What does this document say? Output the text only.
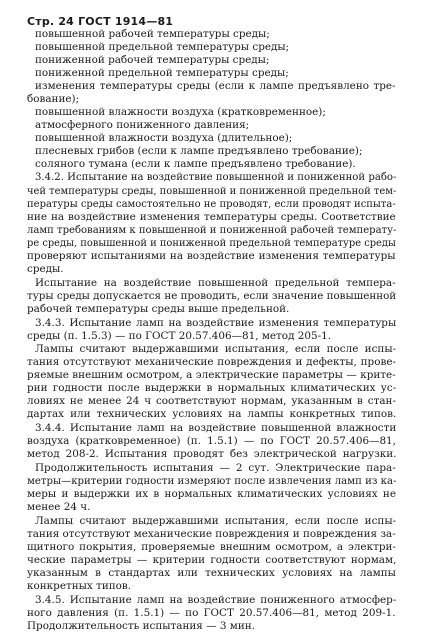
Стр. 24 ГОСТ 1914—81
повышенной рабочей температуры среды;
повышенной предельной температуры среды;
пониженной рабочей температуры среды;
пониженной предельной температуры среды;
изменения температуры среды (если к лампе предъявлено тре-
бование);
повышенной влажности воздуха (кратковременное);
атмосферного пониженного давления;
повышенной влажности воздуха (длительное);
плесневых грибов (если к лампе предъявлено требование);
соляного тумана (если к лампе предъявлено требование).
3.4.2. Испытание на воздействие повышенной и пониженной рабо-
чей температуры среды, повышенной и пониженной предельной тем-
пературы среды самостоятельно не проводят, если проводят испыта-
ние на воздействие изменения температуры среды. Соответствие
ламп требованиям к повышенной и пониженной рабочей температу-
ре среды, повышенной и пониженной предельной температуре среды
проверяют испытаниями на воздействие изменения температуры
среды.
Испытание на воздействие повышенной предельной темпера-
туры среды допускается не проводить, если значение повышенной
рабочей температуры среды выше предельной.
3.4.3. Испытание ламп на воздействие изменения температуры
среды (п. 1.5.3) — по ГОСТ 20.57.406—81, метод 205-1.
Лампы считают выдержавшими испытания, если после испы-
тания отсутствуют механические повреждения и дефекты, прове-
ряемые внешним осмотром, а электрические параметры — крите-
рии годности после выдержки в нормальных климатических ус-
ловиях не менее 24 ч соответствуют нормам, указанным в стан-
дартах или технических условиях на лампы конкретных типов.
3.4.4. Испытание ламп на воздействие повышенной влажности
воздуха (кратковременное) (п. 1.5.1) — по ГОСТ 20.57.406—81,
метод 208-2. Испытания проводят без электрической нагрузки.
Продолжительность испытания — 2 сут. Электрические пара-
метры—критерии годности измеряют после извлечения ламп из ка-
меры и выдержки их в нормальных климатических условиях не
менее 24 ч.
Лампы считают выдержавшими испытания, если после испы-
тания отсутствуют механические повреждения и повреждения за-
щитного покрытия, проверяемые внешним осмотром, а электри-
ческие параметры — критерии годности соответствуют нормам,
указанным в стандартах или технических условиях на лампы
конкретных типов.
3.4.5. Испытание ламп на воздействие пониженного атмосфер-
ного давления (п. 1.5.1) — по ГОСТ 20.57.406—81, метод 209-1.
Продолжительность испытания — 3 мин.
